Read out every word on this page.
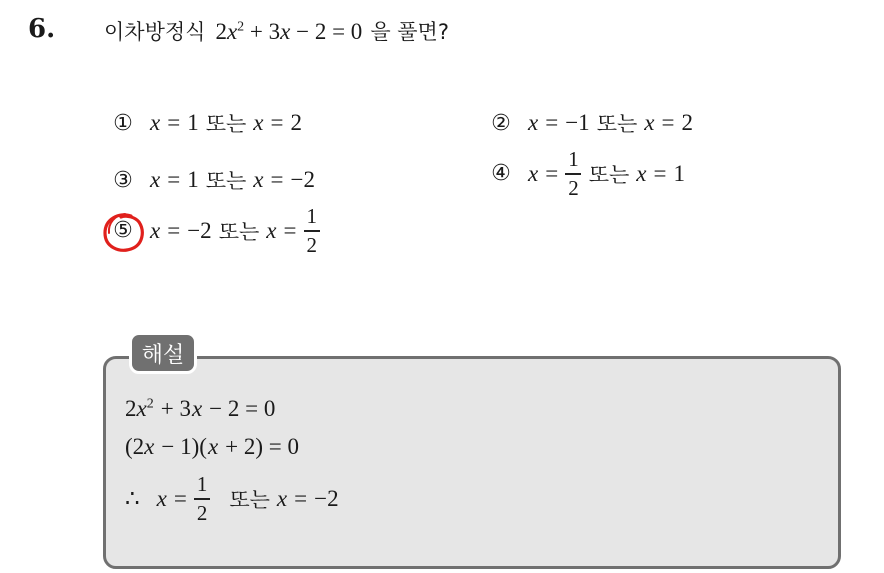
6. 이차방정식 $2x^2 + 3x - 2 = 0$ 을 풀면?
① x = 1 또는 x = 2	② x = −1 또는 x = 2
③ x = 1 또는 x = −2	④ $x = \frac{1}{2}$ 또는 x = 1
⑤ x = −2 또는 $x = \frac{1}{2}$
해설
$2x^2 + 3$ x − 2 = 0
(2x − 1)( x + 2) = 0
∴ $x = \frac{1}{2}$ 또는 x = −2
